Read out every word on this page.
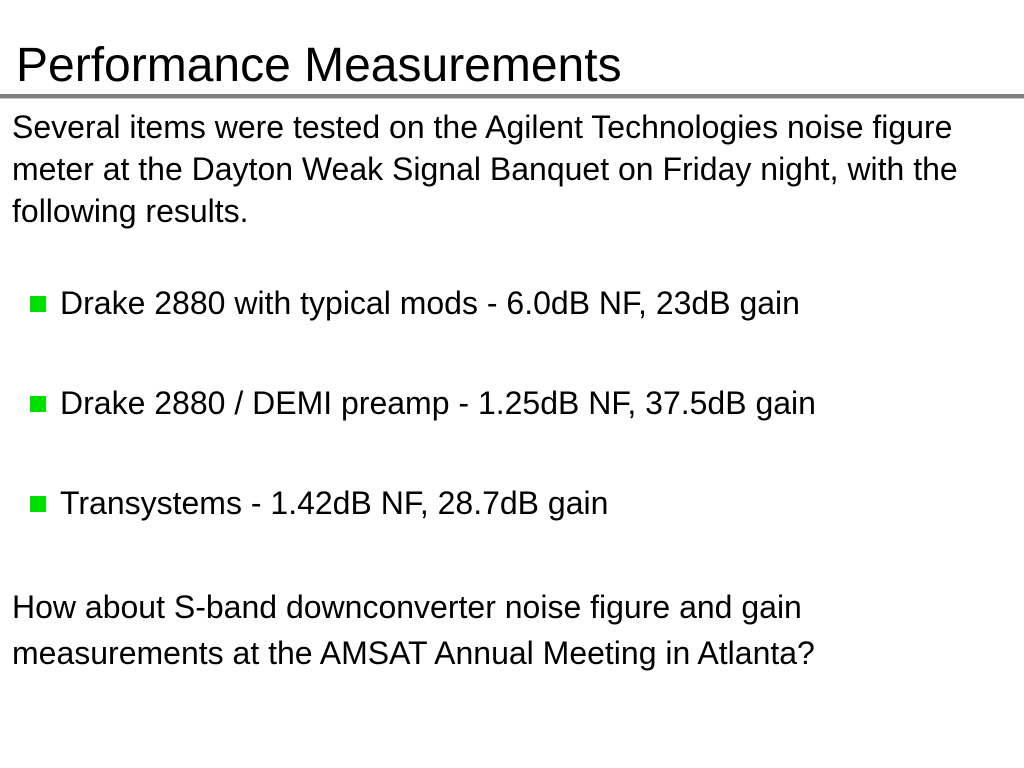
Performance Measurements
Several items were tested on the Agilent Technologies noise figure meter at the Dayton Weak Signal Banquet on Friday night, with the following results.
Drake 2880 with typical mods - 6.0dB NF, 23dB gain
Drake 2880 / DEMI preamp - 1.25dB NF, 37.5dB gain
Transystems - 1.42dB NF, 28.7dB gain
How about S-band downconverter noise figure and gain measurements at the AMSAT Annual Meeting in Atlanta?
